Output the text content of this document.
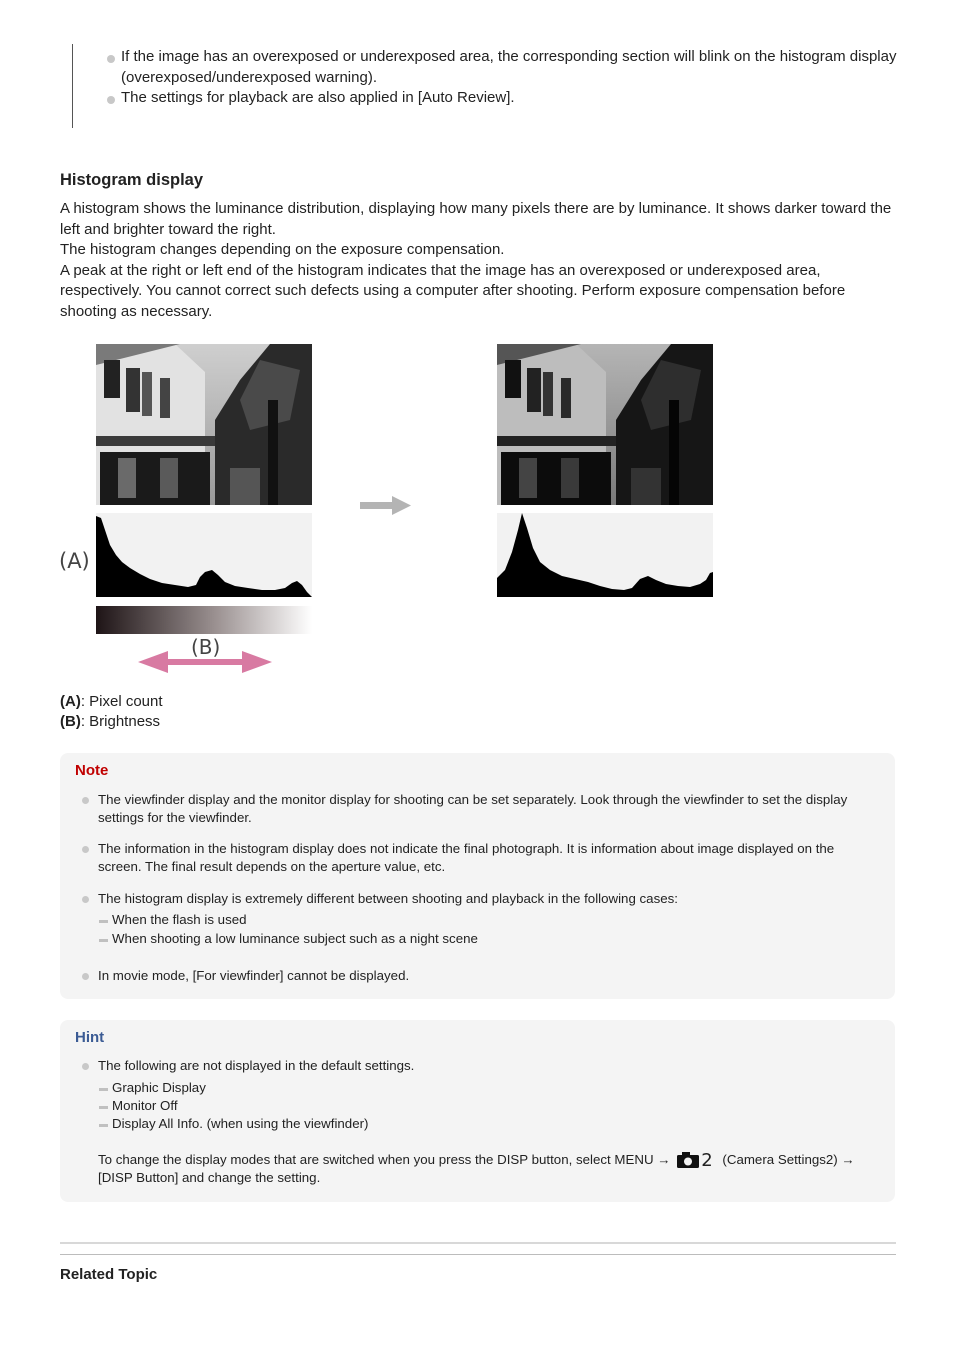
If the image has an overexposed or underexposed area, the corresponding section will blink on the histogram display (overexposed/underexposed warning).
The settings for playback are also applied in [Auto Review].
Histogram display

A histogram shows the luminance distribution, displaying how many pixels there are by luminance. It shows darker toward the left and brighter toward the right.

The histogram changes depending on the exposure compensation.

A peak at the right or left end of the histogram indicates that the image has an overexposed or underexposed area, respectively. You cannot correct such defects using a computer after shooting. Perform exposure compensation before shooting as necessary.

(A)
(B)
(A): Pixel count
(B): Brightness
Note
The viewfinder display and the monitor display for shooting can be set separately. Look through the viewfinder to set the display settings for the viewfinder.
The information in the histogram display does not indicate the final photograph. It is information about image displayed on the screen. The final result depends on the aperture value, etc.
The histogram display is extremely different between shooting and playback in the following cases:
When the flash is used
When shooting a low luminance subject such as a night scene
In movie mode, [For viewfinder] cannot be displayed.
Hint
The following are not displayed in the default settings.
Graphic Display
Monitor Off
Display All Info. (when using the viewfinder)
To change the display modes that are switched when you press the DISP button, select MENU → 2 (Camera Settings2) →
[DISP Button] and change the setting.
Related Topic
